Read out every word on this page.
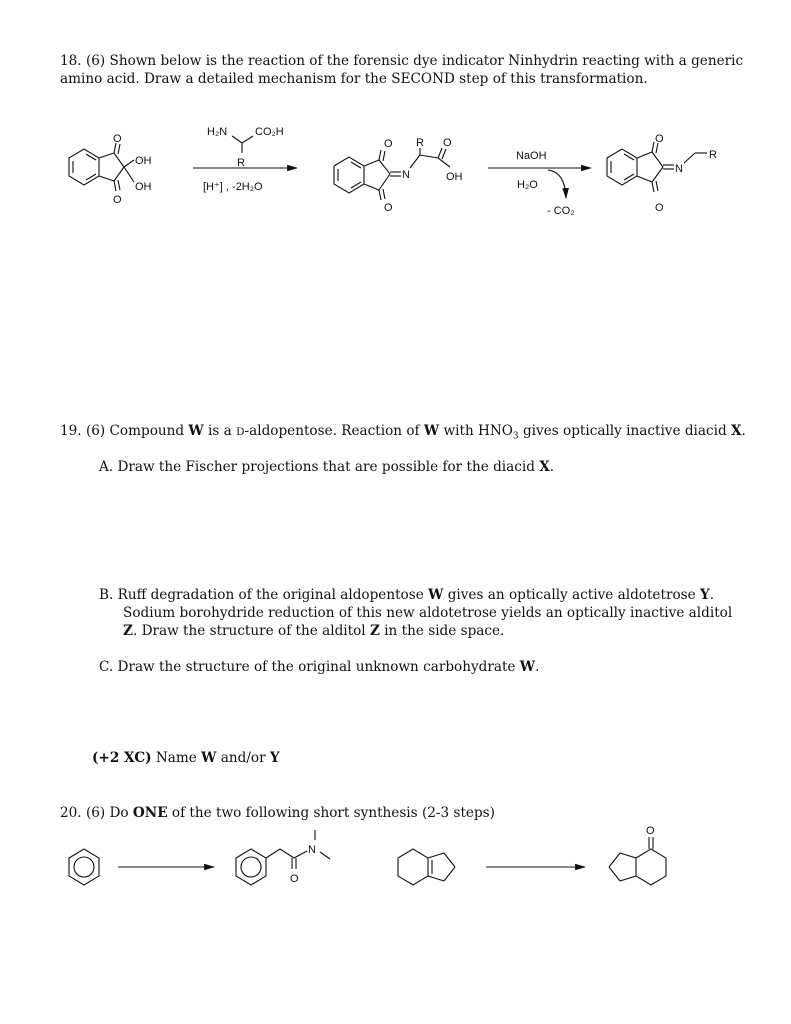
18. (6) Shown below is the reaction of the forensic dye indicator Ninhydrin reacting with a generic
amino acid. Draw a detailed mechanism for the SECOND step of this transformation.
19. (6) Compound W is a D-aldopentose. Reaction of W with $HNO_3$ gives optically inactive diacid X.
A. Draw the Fischer projections that are possible for the diacid X.
B. Ruff degradation of the original aldopentose W gives an optically active aldotetrose Y.
Sodium borohydride reduction of this new aldotetrose yields an optically inactive alditol
Z. Draw the structure of the alditol Z in the side space.
C. Draw the structure of the original unknown carbohydrate W.
(+2 XC) Name W and/or Y
20. (6) Do ONE of the two following short synthesis (2-3 steps)
O
O
OH
OH
H₂N	CO₂H
R
[H⁺] , -2H₂O
O
O
N
R O
OH
NaOH
H₂O
- CO₂
O
O
N
R
N
O
O
